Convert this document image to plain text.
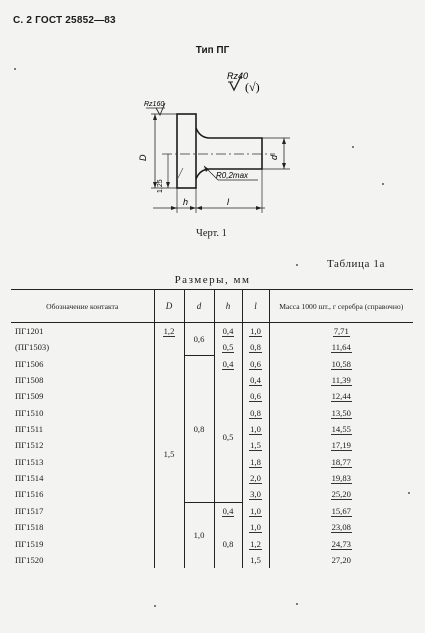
С. 2 ГОСТ 25852—83
Тип ПГ
Rz40
(√)
Rz160
D
1,25
d
R0,2max
h	l
Черт. 1
Таблица 1а
Размеры, мм
Обозначение контакта	D	d	h	l	Масса 1000 шт., г серебра (справочно)
ПГ1201	1,2	0,6	0,4	1,0	7,71
(ПГ1503)	1,5		0,5	0,8	11,64
ПГ1506		0,8	0,4	0,6	10,58
ПГ1508			0,5	0,4	11,39
ПГ1509				0,6	12,44
ПГ1510				0,8	13,50
ПГ1511				1,0	14,55
ПГ1512				1,5	17,19
ПГ1513				1,8	18,77
ПГ1514				2,0	19,83
ПГ1516				3,0	25,20
ПГ1517		1,0	0,4	1,0	15,67
ПГ1518			0,8	1,0	23,08
ПГ1519				1,2	24,73
ПГ1520				1,5	27,20
